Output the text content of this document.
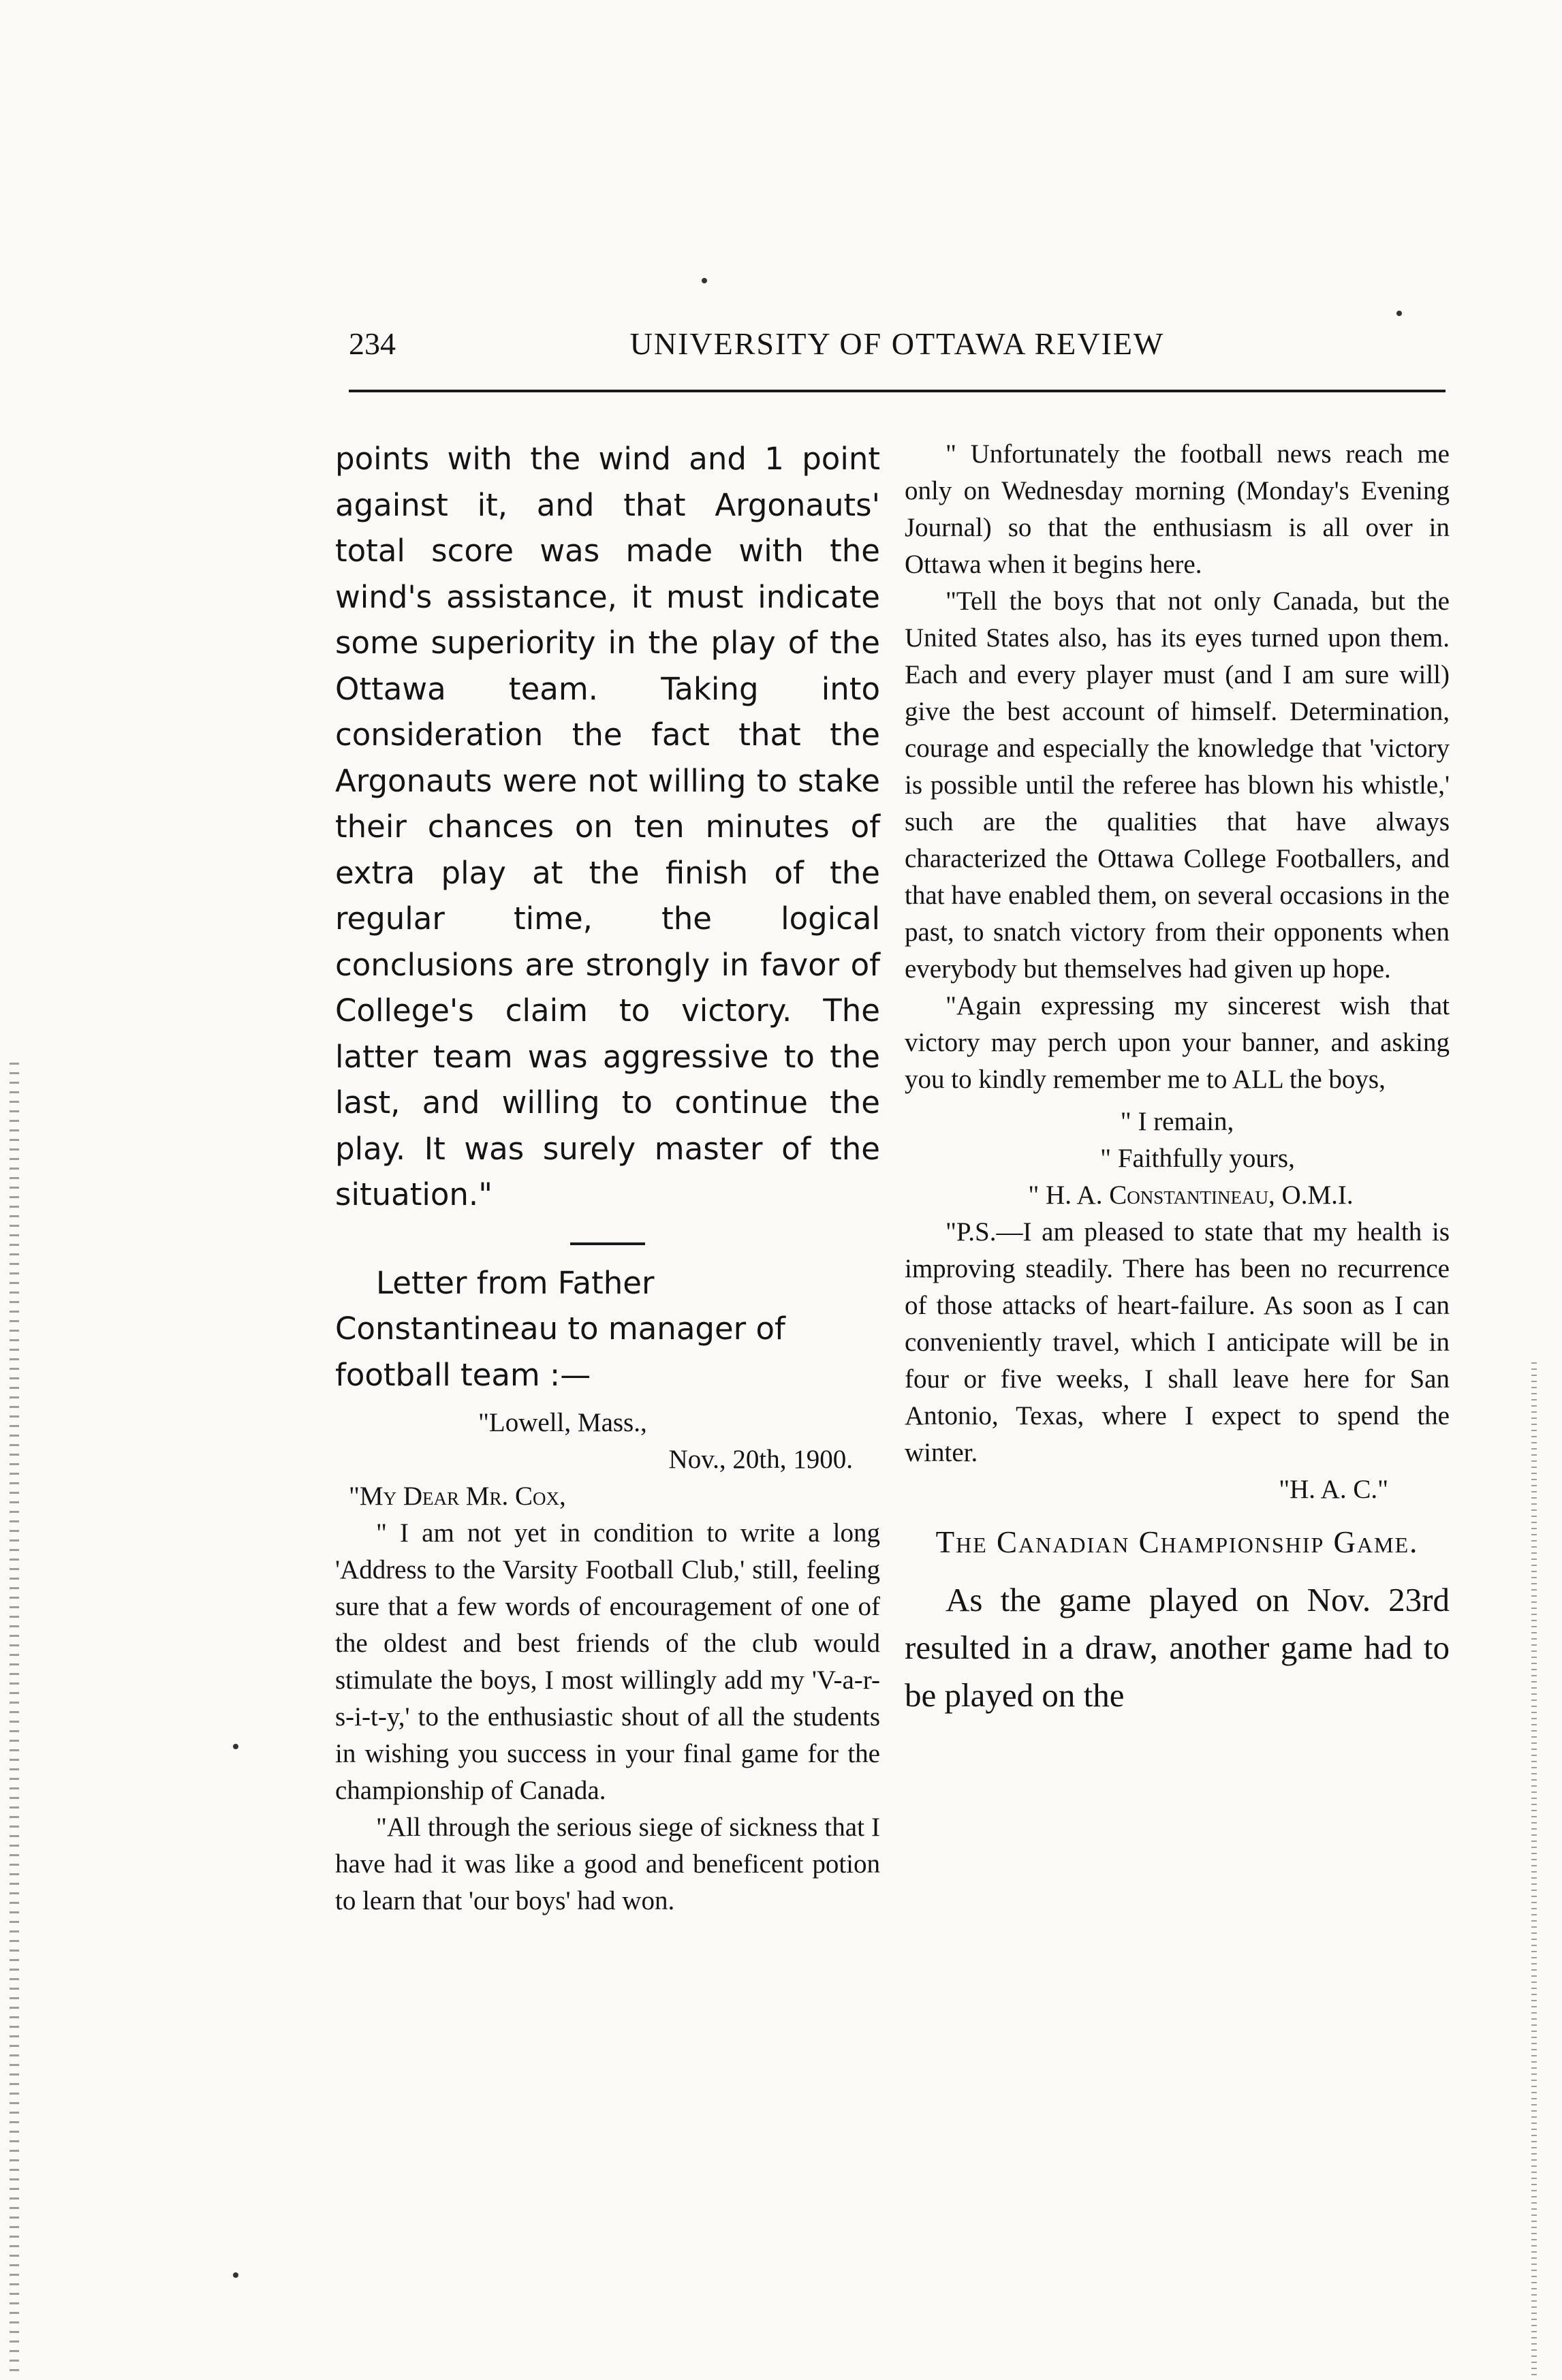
234	UNIVERSITY OF OTTAWA REVIEW

points with the wind and 1 point against it, and that Argonauts' total score was made with the wind's assistance, it must indicate some superiority in the play of the Ottawa team. Taking into consideration the fact that the Argonauts were not willing to stake their chances on ten minutes of extra play at the finish of the regular time, the logical conclusions are strongly in favor of College's claim to victory. The latter team was aggressive to the last, and willing to continue the play. It was surely master of the situation."

Letter from Father Constantineau to manager of football team :—

"Lowell, Mass.,

Nov., 20th, 1900.

"My Dear Mr. Cox,

" I am not yet in condition to write a long 'Address to the Varsity Football Club,' still, feeling sure that a few words of encouragement of one of the oldest and best friends of the club would stimulate the boys, I most willingly add my 'V-a-r-s-i-t-y,' to the enthusiastic shout of all the students in wishing you success in your final game for the championship of Canada.

"All through the serious siege of sickness that I have had it was like a good and beneficent potion to learn that 'our boys' had won.

" Unfortunately the football news reach me only on Wednesday morning (Monday's Evening Journal) so that the enthusiasm is all over in Ottawa when it begins here.

"Tell the boys that not only Canada, but the United States also, has its eyes turned upon them. Each and every player must (and I am sure will) give the best account of himself. Determination, courage and especially the knowledge that 'victory is possible until the referee has blown his whistle,' such are the qualities that have always characterized the Ottawa College Footballers, and that have enabled them, on several occasions in the past, to snatch victory from their opponents when everybody but themselves had given up hope.

"Again expressing my sincerest wish that victory may perch upon your banner, and asking you to kindly remember me to ALL the boys,

" I remain,

" Faithfully yours,

" H. A. Constantineau, O.M.I.

"P.S.—I am pleased to state that my health is improving steadily. There has been no recurrence of those attacks of heart-failure. As soon as I can conveniently travel, which I anticipate will be in four or five weeks, I shall leave here for San Antonio, Texas, where I expect to spend the winter.

"H. A. C."

The Canadian Championship Game.

As the game played on Nov. 23rd resulted in a draw, another game had to be played on the
